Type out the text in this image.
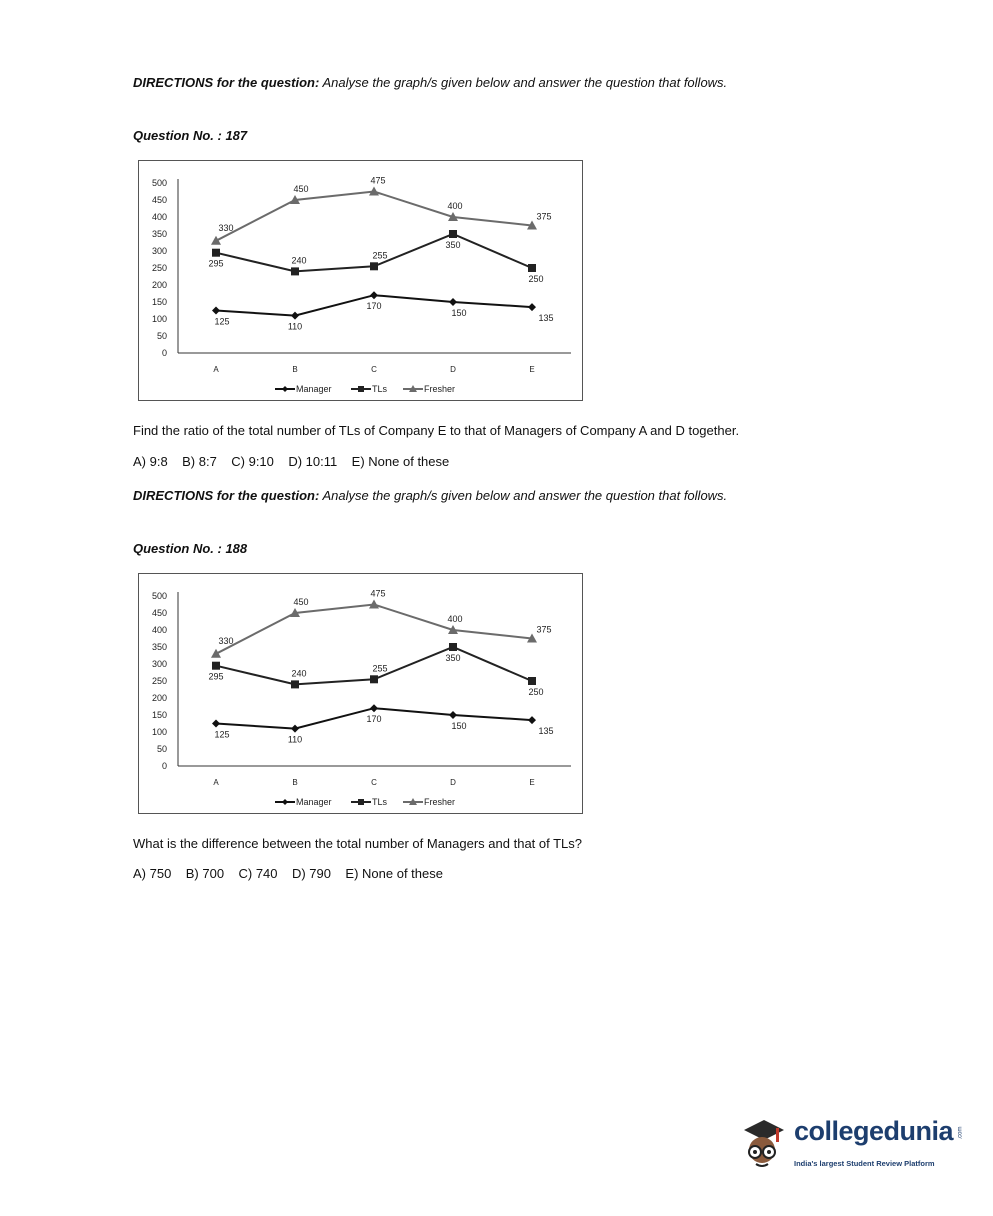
DIRECTIONS for the question: Analyse the graph/s given below and answer the question that follows.
Question No. : 187
0
50
100
150
200
250
300
350
400
450
500
A	B	C	D	E
125
110
170
150
135
295	240
255
350
250
330
450
475
400
375
Manager	TLs	Fresher
Find the ratio of the total number of TLs of Company E to that of Managers of Company A and D together.
A) 9:8    B) 8:7    C) 9:10    D) 10:11    E) None of these
DIRECTIONS for the question: Analyse the graph/s given below and answer the question that follows.
Question No. : 188
0
50
100
150
200
250
300
350
400
450
500
A	B	C	D	E
125
110
170
150
135
295	240
255
350
250
330
450
475
400
375
Manager	TLs	Fresher
What is the difference between the total number of Managers and that of TLs?
A) 750    B) 700    C) 740    D) 790    E) None of these
collegedunia .com
India's largest Student Review Platform
